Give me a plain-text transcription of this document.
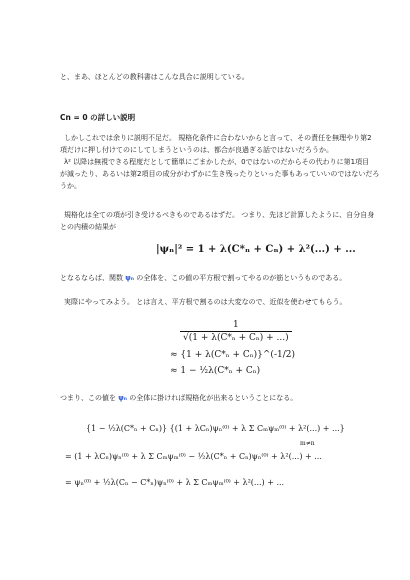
と、まあ、ほとんどの教科書はこんな具合に説明している。
Cn = 0 の詳しい説明
しかしこれでは余りに説明不足だ。 規格化条件に合わないからと言って、その責任を無理やり第2
項だけに押し付けてのにしてしまうというのは、都合が良過ぎる話ではないだろうか。
λ² 以降は無視できる程度だとして簡単にごまかしたが、0ではないのだからその代わりに第1項目
が減ったり、あるいは第2項目の成分がわずかに生き残ったりといった事もあっていいのではないだろ
うか。
規格化は全ての項が引き受けるべきものであるはずだ。 つまり、先ほど計算したように、自分自身
との内積の結果が
|ψₙ|² = 1 + λ(C*ₙ + Cₙ) + λ²(...) + ...
となるならば、関数 ψₙ の全体を、この値の平方根で割ってやるのが筋というものである。
実際にやってみよう。 とは言え、平方根で割るのは大変なので、近似を使わせてもらう。
$\frac{1}{\text{√(1 + λ(C*ₙ + Cₙ) + ...)}}$
≈ {1 + λ(C*ₙ + Cₙ)}^(-1/2)
≈ 1 − ½λ(C*ₙ + Cₙ)
つまり、この値を ψₙ の全体に掛ければ規格化が出来るということになる。
{1 − ½λ(C*ₙ + Cₙ)} {(1 + λCₙ)ψₙ⁽⁰⁾ + λ Σ Cₘψₘ⁽⁰⁾ + λ²(...) + ...}
= (1 + λCₙ)ψₙ⁽⁰⁾ + λ Σ Cₘψₘ⁽⁰⁾ − ½λ(C*ₙ + Cₙ)ψₙ⁽⁰⁾ + λ²(...) + ...
m≠n
= ψₙ⁽⁰⁾ + ½λ(Cₙ − C*ₙ)ψₙ⁽⁰⁾ + λ Σ Cₘψₘ⁽⁰⁾ + λ²(...) + ...
